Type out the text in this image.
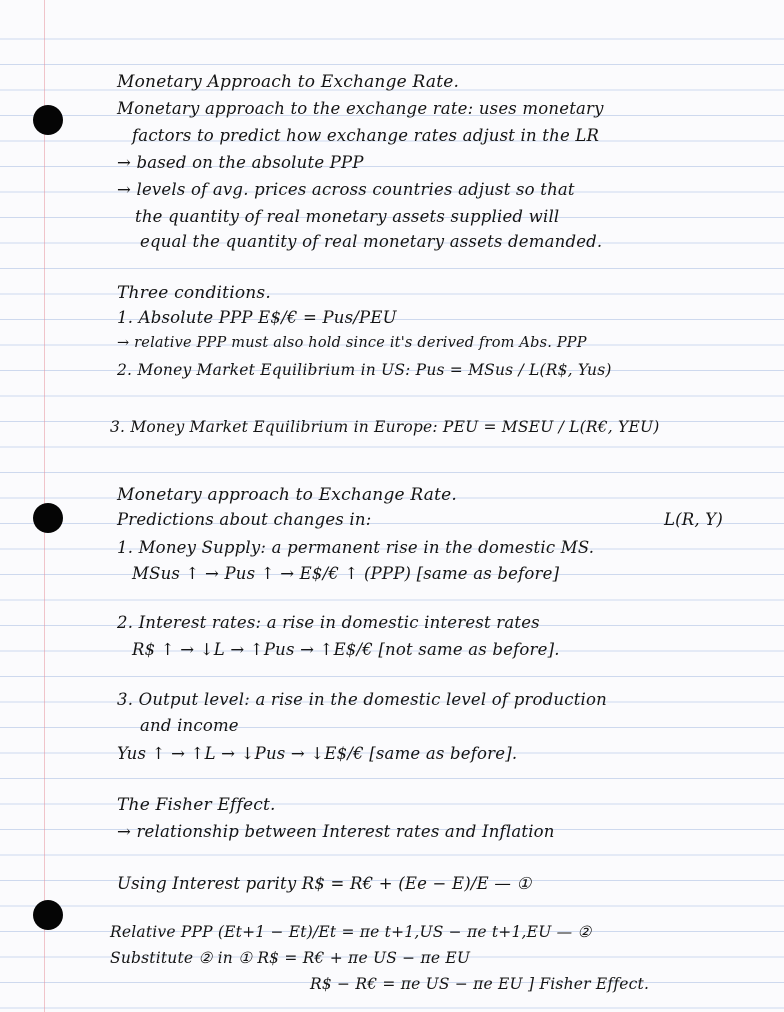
Monetary Approach to Exchange Rate.
Monetary approach to the exchange rate: uses monetary
factors to predict how exchange rates adjust in the LR
→ based on the absolute PPP
→ levels of avg. prices across countries adjust so that
the quantity of real monetary assets supplied will
equal the quantity of real monetary assets demanded.
Three conditions.
1. Absolute PPP E$/€ = Pus/PEU
→ relative PPP must also hold since it's derived from Abs. PPP
2. Money Market Equilibrium in US: Pus = MSus / L(R$, Yus)
3. Money Market Equilibrium in Europe: PEU = MSEU / L(R€, YEU)
Monetary approach to Exchange Rate.
Predictions about changes in:	L(R, Y)
1. Money Supply: a permanent rise in the domestic MS.
MSus ↑ → Pus ↑ → E$/€ ↑ (PPP) [same as before]
2. Interest rates: a rise in domestic interest rates
R$ ↑ → ↓L → ↑Pus → ↑E$/€ [not same as before].
3. Output level: a rise in the domestic level of production
and income
Yus ↑ → ↑L → ↓Pus → ↓E$/€ [same as before].
The Fisher Effect.
→ relationship between Interest rates and Inflation
Using Interest parity R$ = R€ + (Ee − E)/E — ①
Relative PPP (Et+1 − Et)/Et = πe t+1,US − πe t+1,EU — ②
Substitute ② in ① R$ = R€ + πe US − πe EU
R$ − R€ = πe US − πe EU ] Fisher Effect.
